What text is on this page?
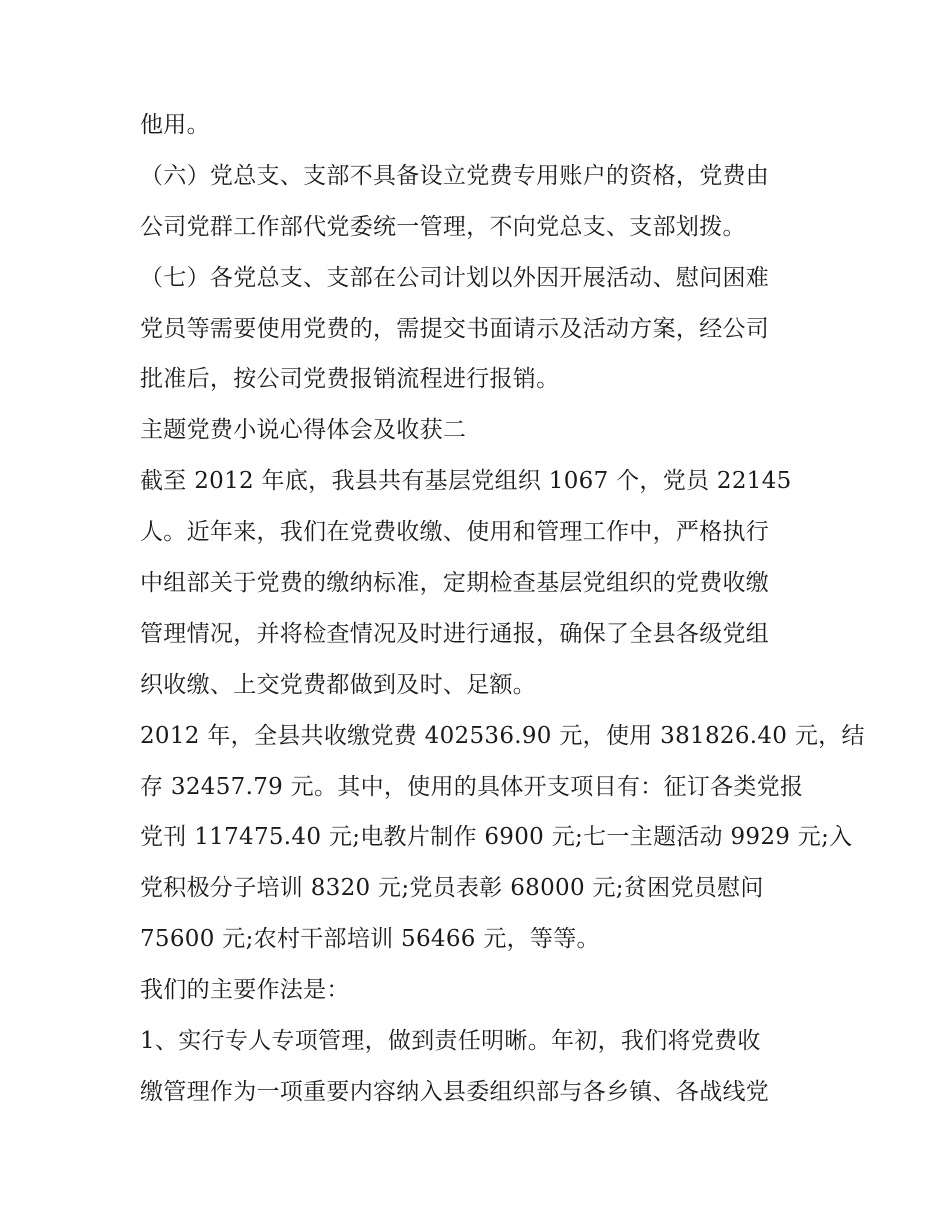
他用。
（六）党总支、支部不具备设立党费专用账户的资格，党费由
公司党群工作部代党委统一管理，不向党总支、支部划拨。
（七）各党总支、支部在公司计划以外因开展活动、慰问困难
党员等需要使用党费的，需提交书面请示及活动方案，经公司
批准后，按公司党费报销流程进行报销。
主题党费小说心得体会及收获二
截至 2012 年底，我县共有基层党组织 1067 个，党员 22145
人。近年来，我们在党费收缴、使用和管理工作中，严格执行
中组部关于党费的缴纳标准，定期检查基层党组织的党费收缴
管理情况，并将检查情况及时进行通报，确保了全县各级党组
织收缴、上交党费都做到及时、足额。
2012 年，全县共收缴党费 402536.90 元，使用 381826.40 元，结
存 32457.79 元。其中，使用的具体开支项目有：征订各类党报
党刊 117475.40 元;电教片制作 6900 元;七一主题活动 9929 元;入
党积极分子培训 8320 元;党员表彰 68000 元;贫困党员慰问
75600 元;农村干部培训 56466 元，等等。
我们的主要作法是：
1、实行专人专项管理，做到责任明晰。年初，我们将党费收
缴管理作为一项重要内容纳入县委组织部与各乡镇、各战线党
